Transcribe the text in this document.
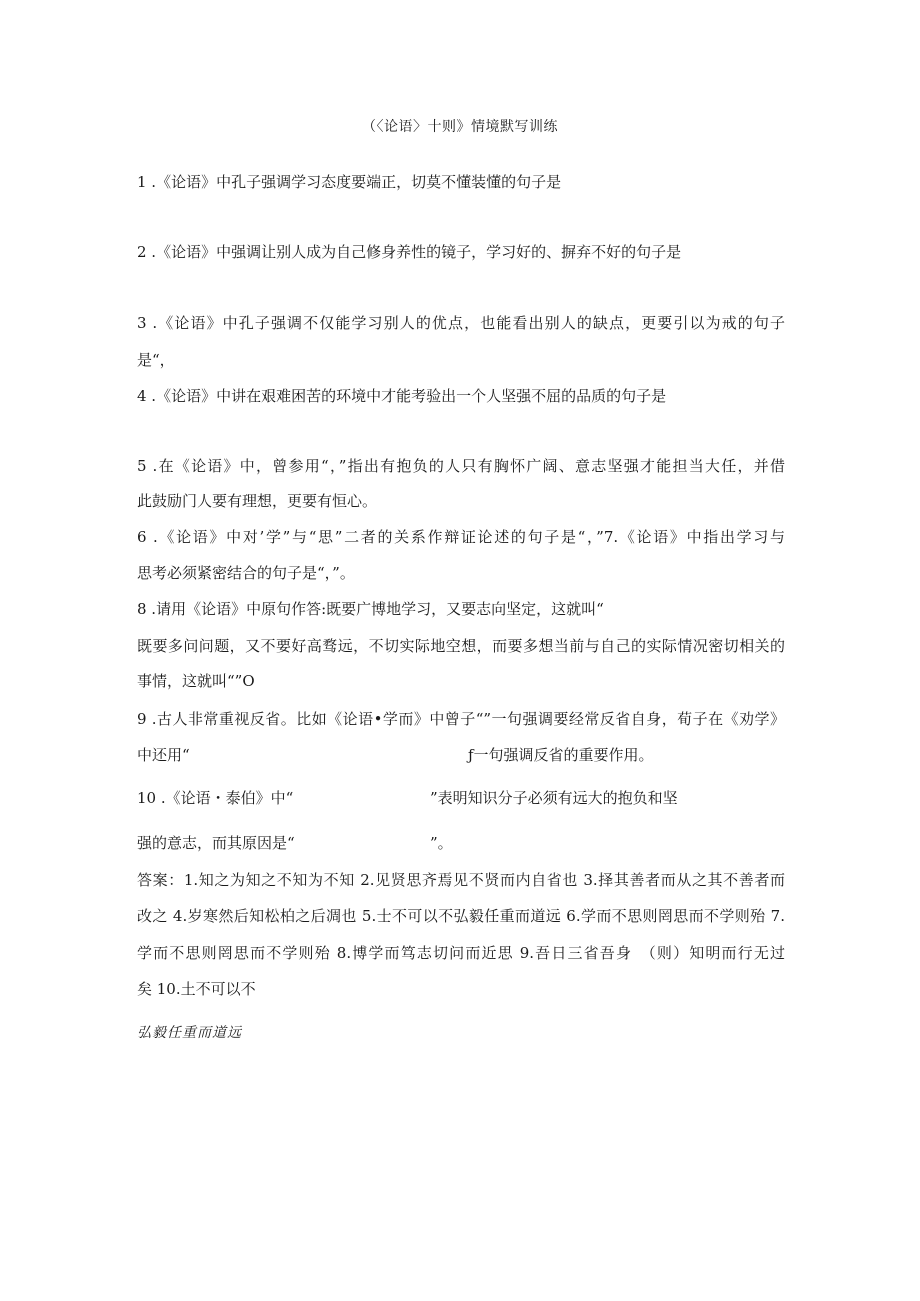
（〈论语〉十则》情境默写训练
1 .《论语》中孔子强调学习态度要端正，切莫不懂装懂的句子是
2 .《论语》中强调让别人成为自己修身养性的镜子，学习好的、摒弃不好的句子是
3 .《论语》中孔子强调不仅能学习别人的优点，也能看出别人的缺点，更要引以为戒的句子
是“，
4 .《论语》中讲在艰难困苦的环境中才能考验出一个人坚强不屈的品质的句子是
5 .在《论语》中，曾参用“，”指出有抱负的人只有胸怀广阔、意志坚强才能担当大任，并借
此鼓励门人要有理想，更要有恒心。
6 .《论语》中对’学”与“思”二者的关系作辩证论述的句子是“，”7.《论语》中指出学习与
思考必须紧密结合的句子是“，”。
8 .请用《论语》中原句作答:既要广博地学习，又要志向坚定，这就叫“
既要多问问题，又不要好高骛远，不切实际地空想，而要多想当前与自己的实际情况密切相关的
事情，这就叫“”O
9 .古人非常重视反省。比如《论语•学而》中曾子“”一句强调要经常反省自身，荀子在《劝学》
中还用“	ƒ一句强调反省的重要作用。
10 .《论语・泰伯》中“	”表明知识分子必须有远大的抱负和坚
强的意志，而其原因是“	”。
答案：1.知之为知之不知为不知 2.见贤思齐焉见不贤而内自省也 3.择其善者而从之其不善者而
改之 4.岁寒然后知松柏之后凋也 5.士不可以不弘毅任重而道远 6.学而不思则罔思而不学则殆 7.
学而不思则罔思而不学则殆 8.博学而笃志切问而近思 9.吾日三省吾身　（则）知明而行无过
矣 10.土不可以不
弘毅任重而道远
